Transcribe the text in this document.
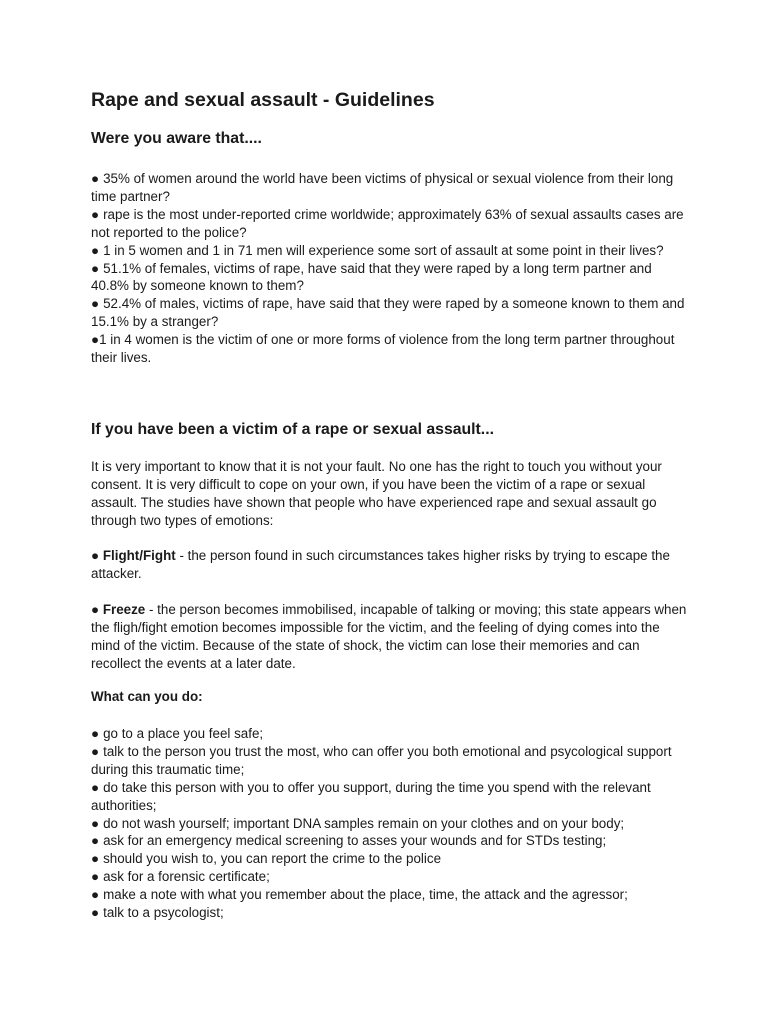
Rape and sexual assault - Guidelines
Were you aware that....
● 35% of women around the world have been victims of physical or sexual violence from their long time partner?
● rape is the most under-reported crime worldwide; approximately 63% of sexual assaults cases are not reported to the police?
● 1 in 5 women and 1 in 71 men will experience some sort of assault at some point in their lives?
● 51.1% of females, victims of rape, have said that they were raped by a long term partner and 40.8% by someone known to them?
● 52.4% of males, victims of rape, have said that they were raped by a someone known to them and 15.1% by a stranger?
●1 in 4 women is the victim of one or more forms of violence from the long term partner throughout their lives.
If you have been a victim of a rape or sexual assault...

It is very important to know that it is not your fault. No one has the right to touch you without your consent. It is very difficult to cope on your own, if you have been the victim of a rape or sexual assault. The studies have shown that people who have experienced rape and sexual assault go through two types of emotions:

● Flight/Fight - the person found in such circumstances takes higher risks by trying to escape the attacker.

● Freeze - the person becomes immobilised, incapable of talking or moving; this state appears when the fligh/fight emotion becomes impossible for the victim, and the feeling of dying comes into the mind of the victim. Because of the state of shock, the victim can lose their memories and can recollect the events at a later date.

What can you do:
● go to a place you feel safe;
● talk to the person you trust the most, who can offer you both emotional and psycological support during this traumatic time;
● do take this person with you to offer you support, during the time you spend with the relevant authorities;
● do not wash yourself; important DNA samples remain on your clothes and on your body;
● ask for an emergency medical screening to asses your wounds and for STDs testing;
● should you wish to, you can report the crime to the police
● ask for a forensic certificate;
● make a note with what you remember about the place, time, the attack and the agressor;
● talk to a psycologist;
